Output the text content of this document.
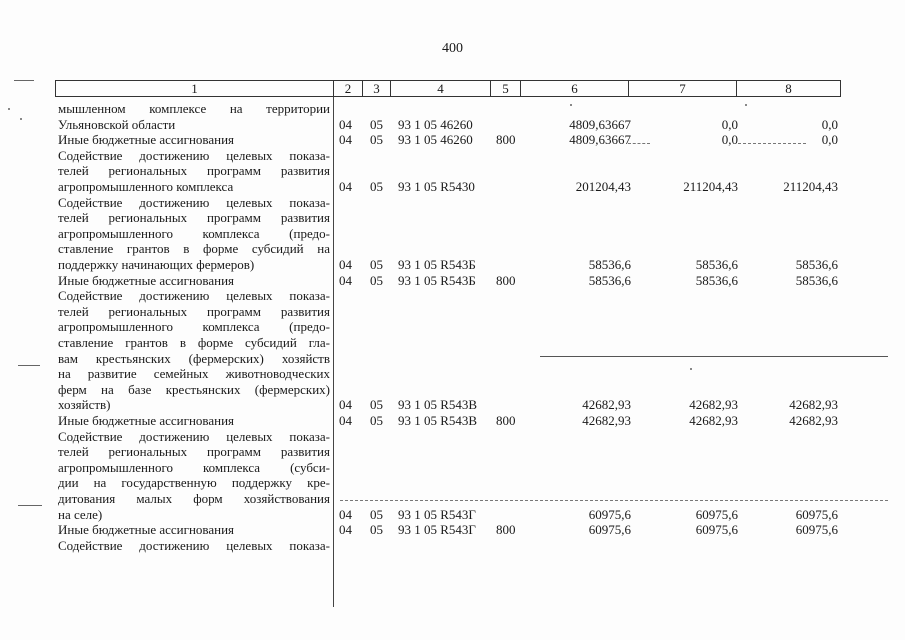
400
1	2	3	4	5	6	7	8
мышленном комплексе на территории
Ульяновской области	04 05 93 1 05 46260	4809,63667	0,0	0,0
Иные бюджетные ассигнования	04 05 93 1 05 46260 800	4809,63667	0,0	0,0
Содействие достижению целевых показа-
телей региональных программ развития
агропромышленного комплекса	04 05 93 1 05 R5430	201204,43	211204,43	211204,43
Содействие достижению целевых показа-
телей региональных программ развития
агропромышленного комплекса (предо-
ставление грантов в форме субсидий на
поддержку начинающих фермеров)	04 05 93 1 05 R543Б	58536,6	58536,6	58536,6
Иные бюджетные ассигнования	04 05 93 1 05 R543Б 800	58536,6	58536,6	58536,6
Содействие достижению целевых показа-
телей региональных программ развития
агропромышленного комплекса (предо-
ставление грантов в форме субсидий гла-
вам крестьянских (фермерских) хозяйств
на развитие семейных животноводческих
ферм на базе крестьянских (фермерских)
хозяйств)	04 05 93 1 05 R543В	42682,93	42682,93	42682,93
Иные бюджетные ассигнования	04 05 93 1 05 R543В 800	42682,93	42682,93	42682,93
Содействие достижению целевых показа-
телей региональных программ развития
агропромышленного комплекса (субси-
дии на государственную поддержку кре-
дитования малых форм хозяйствования
на селе)	04 05 93 1 05 R543Г	60975,6	60975,6	60975,6
Иные бюджетные ассигнования	04 05 93 1 05 R543Г 800	60975,6	60975,6	60975,6
Содействие достижению целевых показа-
